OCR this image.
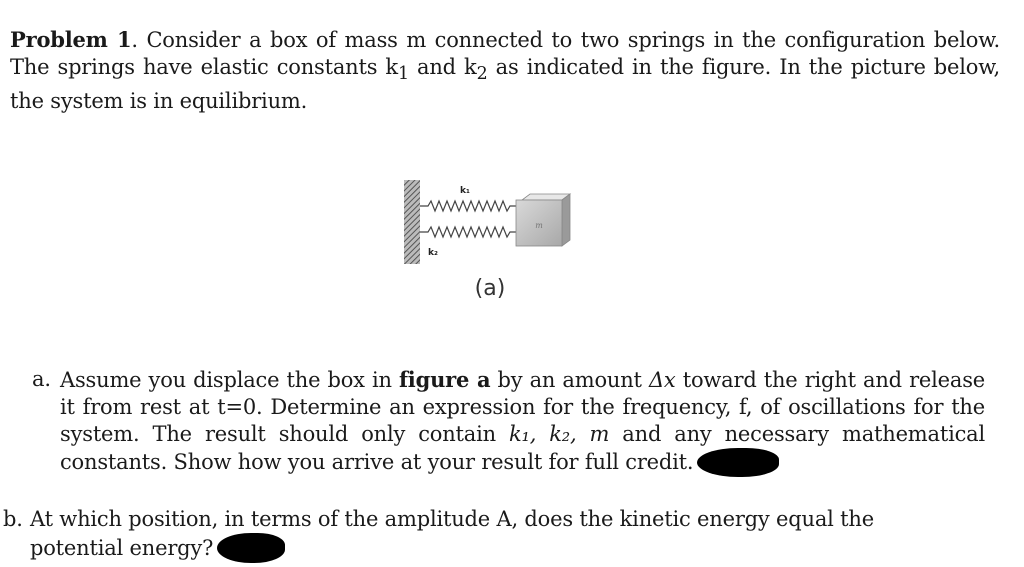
Problem 1. Consider a box of mass m connected to two springs in the configuration below. The springs have elastic constants $k_1$ and $k_2$ as indicated in the figure. In the picture below, the system is in equilibrium.
m
k₁
k₂
(a)
a. Assume you displace the box in figure a by an amount Δx toward the right and release it from rest at t=0. Determine an expression for the frequency, f, of oscillations for the system. The result should only contain k₁, k₂, m and any necessary mathematical constants. Show how you arrive at your result for full credit.
b. At which position, in terms of the amplitude A, does the kinetic energy equal the potential energy?
